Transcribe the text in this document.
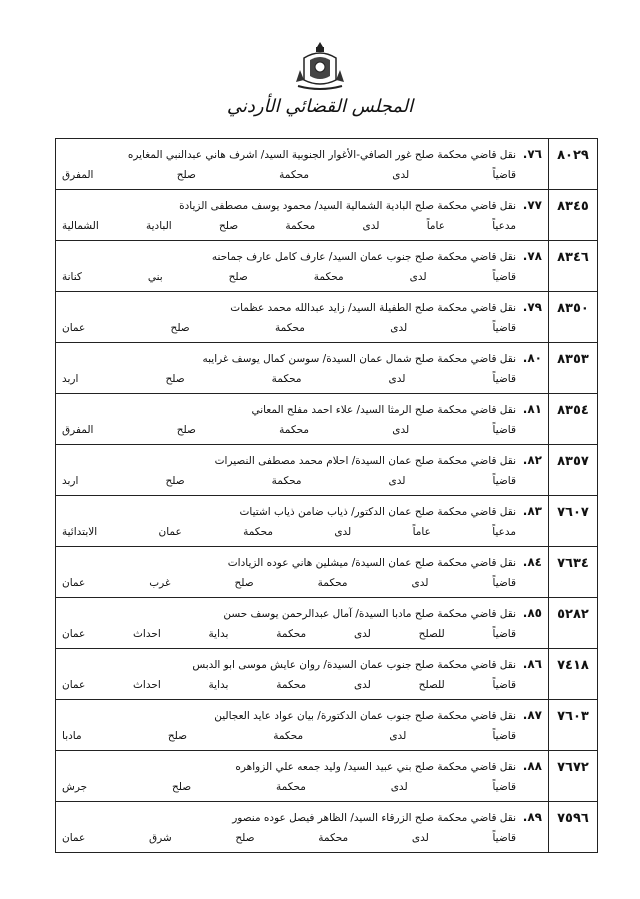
المجلس القضائي الأردني
٨٠٢٩	٧٦.
نقل قاضي محكمة صلح غور الصافي-الأغوار الجنوبية السيد/ اشرف هاني عبدالنبي المغايره
قاضياً لدى محكمة صلح المفرق

٨٣٤٥	٧٧.
نقل قاضي محكمة صلح البادية الشمالية السيد/ محمود يوسف مصطفى الزيادة
مدعياً عاماً لدى محكمة صلح البادية الشمالية

٨٣٤٦	٧٨.
نقل قاضي محكمة صلح جنوب عمان السيد/ عارف كامل عارف جماحنه
قاضياً لدى محكمة صلح بني كنانة

٨٣٥٠	٧٩.
نقل قاضي محكمة صلح الطفيلة السيد/ زايد عبدالله محمد عظمات
قاضياً لدى محكمة صلح عمان

٨٣٥٣	٨٠.
نقل قاضي محكمة صلح شمال عمان السيدة/ سوسن كمال يوسف غرايبه
قاضياً لدى محكمة صلح اربد

٨٣٥٤	٨١.
نقل قاضي محكمة صلح الرمثا السيد/ علاء احمد مفلح المعاني
قاضياً لدى محكمة صلح المفرق

٨٣٥٧	٨٢.
نقل قاضي محكمة صلح عمان السيدة/ احلام محمد مصطفى النصيرات
قاضياً لدى محكمة صلح اربد

٧٦٠٧	٨٣.
نقل قاضي محكمة صلح عمان الدكتور/ ذياب ضامن ذياب اشتيات
مدعياً عاماً لدى محكمة عمان الابتدائية

٧٦٣٤	٨٤.
نقل قاضي محكمة صلح عمان السيدة/ ميشلين هاني عوده الزيادات
قاضياً لدى محكمة صلح غرب عمان

٥٢٨٢	٨٥.
نقل قاضي محكمة صلح مادبا السيدة/ آمال عبدالرحمن يوسف حسن
قاضياً للصلح لدى محكمة بداية احداث عمان

٧٤١٨	٨٦.
نقل قاضي محكمة صلح جنوب عمان السيدة/ روان عايش موسى ابو الدبس
قاضياً للصلح لدى محكمة بداية احداث عمان

٧٦٠٣	٨٧.
نقل قاضي محكمة صلح جنوب عمان الدكتورة/ بيان عواد عايد العجالين
قاضياً لدى محكمة صلح مادبا

٧٦٧٢	٨٨.
نقل قاضي محكمة صلح بني عبيد السيد/ وليد جمعه علي الزواهره
قاضياً لدى محكمة صلح جرش

٧٥٩٦	٨٩.
نقل قاضي محكمة صلح الزرقاء السيد/ الظاهر فيصل عوده منصور
قاضياً لدى محكمة صلح شرق عمان
